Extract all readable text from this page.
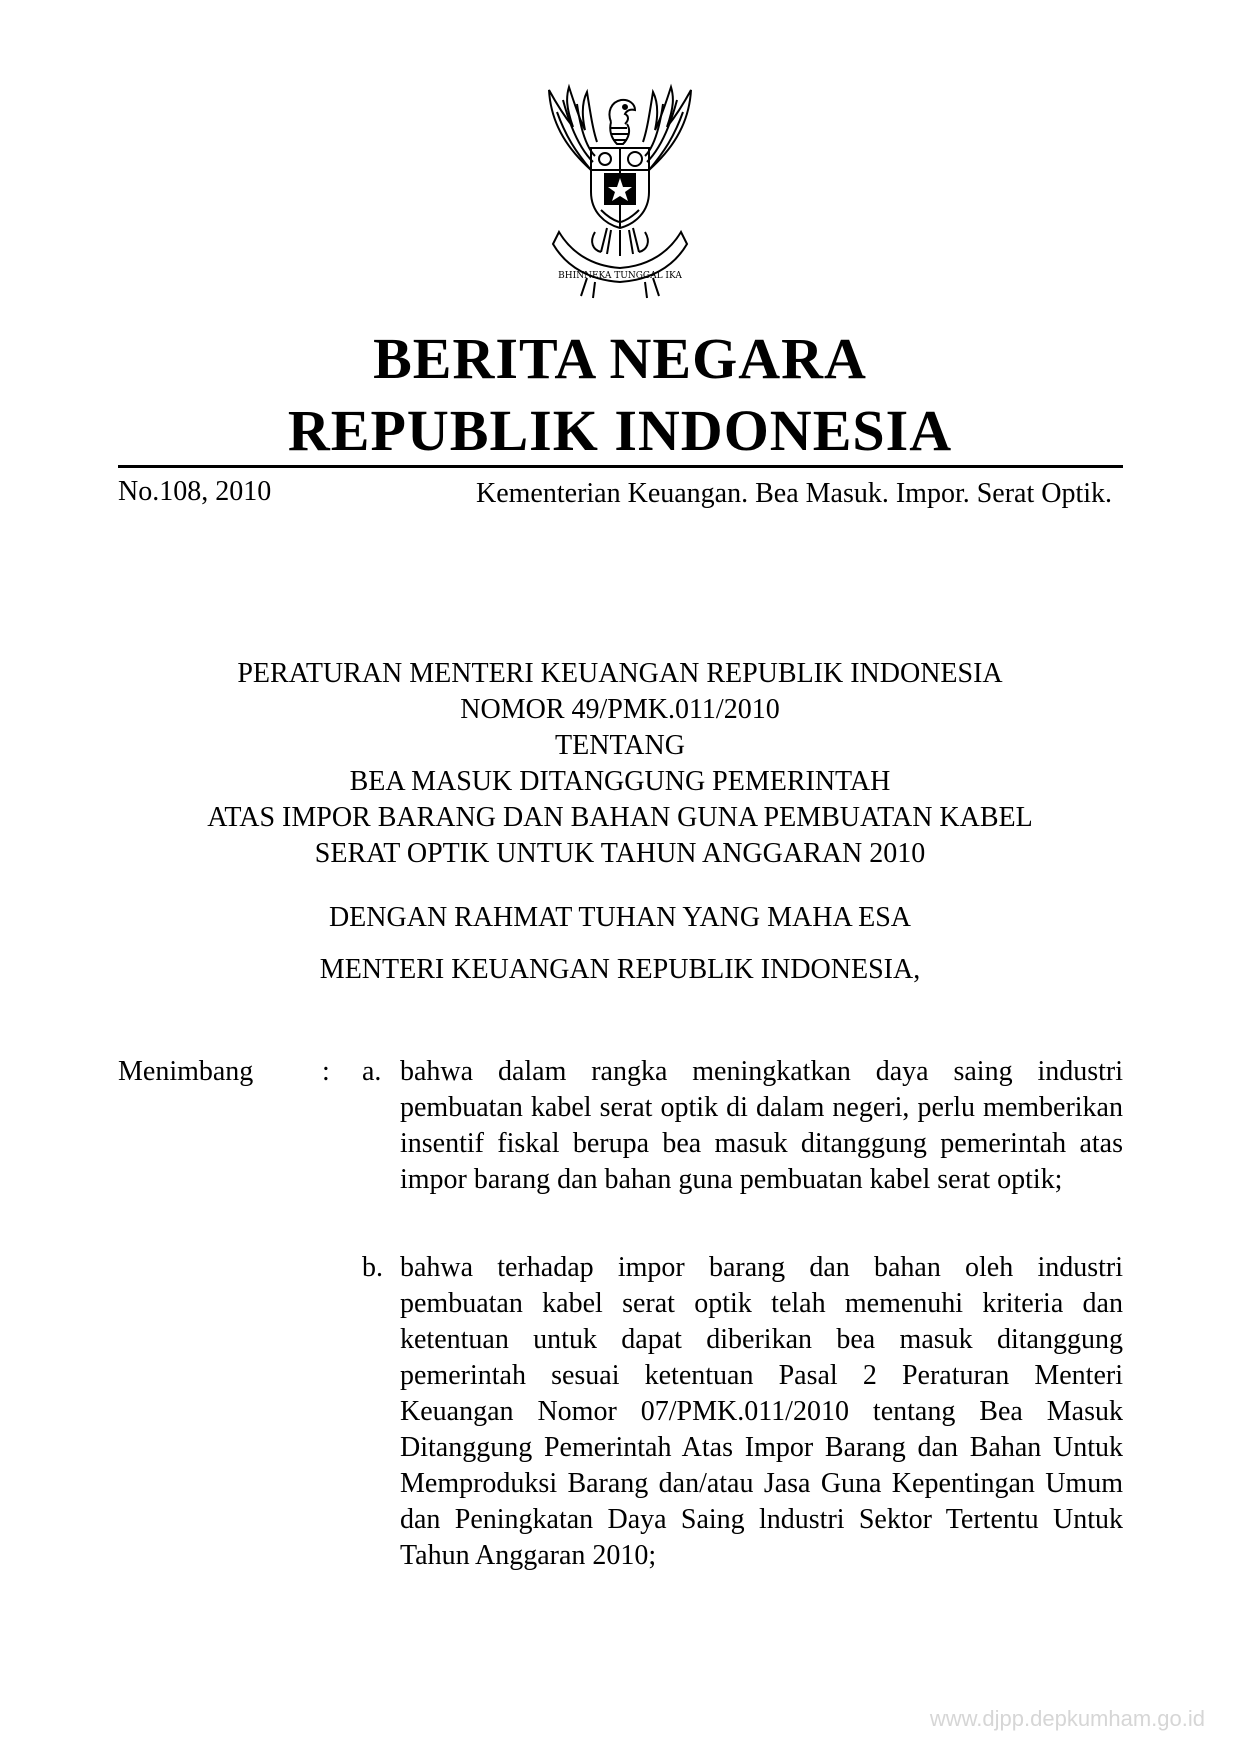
BHINNEKA TUNGGAL IKA
BERITA NEGARA
REPUBLIK INDONESIA
No.108, 2010	Kementerian Keuangan. Bea Masuk. Impor. Serat Optik.
PERATURAN MENTERI KEUANGAN REPUBLIK INDONESIA
NOMOR 49/PMK.011/2010
TENTANG
BEA MASUK DITANGGUNG PEMERINTAH
ATAS IMPOR BARANG DAN BAHAN GUNA PEMBUATAN KABEL
SERAT OPTIK UNTUK TAHUN ANGGARAN 2010
DENGAN RAHMAT TUHAN YANG MAHA ESA
MENTERI KEUANGAN REPUBLIK INDONESIA,
Menimbang : a. bahwa dalam rangka meningkatkan daya saing industri pembuatan kabel serat optik di dalam negeri, perlu memberikan insentif fiskal berupa bea masuk ditanggung pemerintah atas impor barang dan bahan guna pembuatan kabel serat optik;
b. bahwa terhadap impor barang dan bahan oleh industri pembuatan kabel serat optik telah memenuhi kriteria dan ketentuan untuk dapat diberikan bea masuk ditanggung pemerintah sesuai ketentuan Pasal 2 Peraturan Menteri Keuangan Nomor 07/PMK.011/2010 tentang Bea Masuk Ditanggung Pemerintah Atas Impor Barang dan Bahan Untuk Memproduksi Barang dan/atau Jasa Guna Kepentingan Umum dan Peningkatan Daya Saing lndustri Sektor Tertentu Untuk Tahun Anggaran 2010;
www.djpp.depkumham.go.id
